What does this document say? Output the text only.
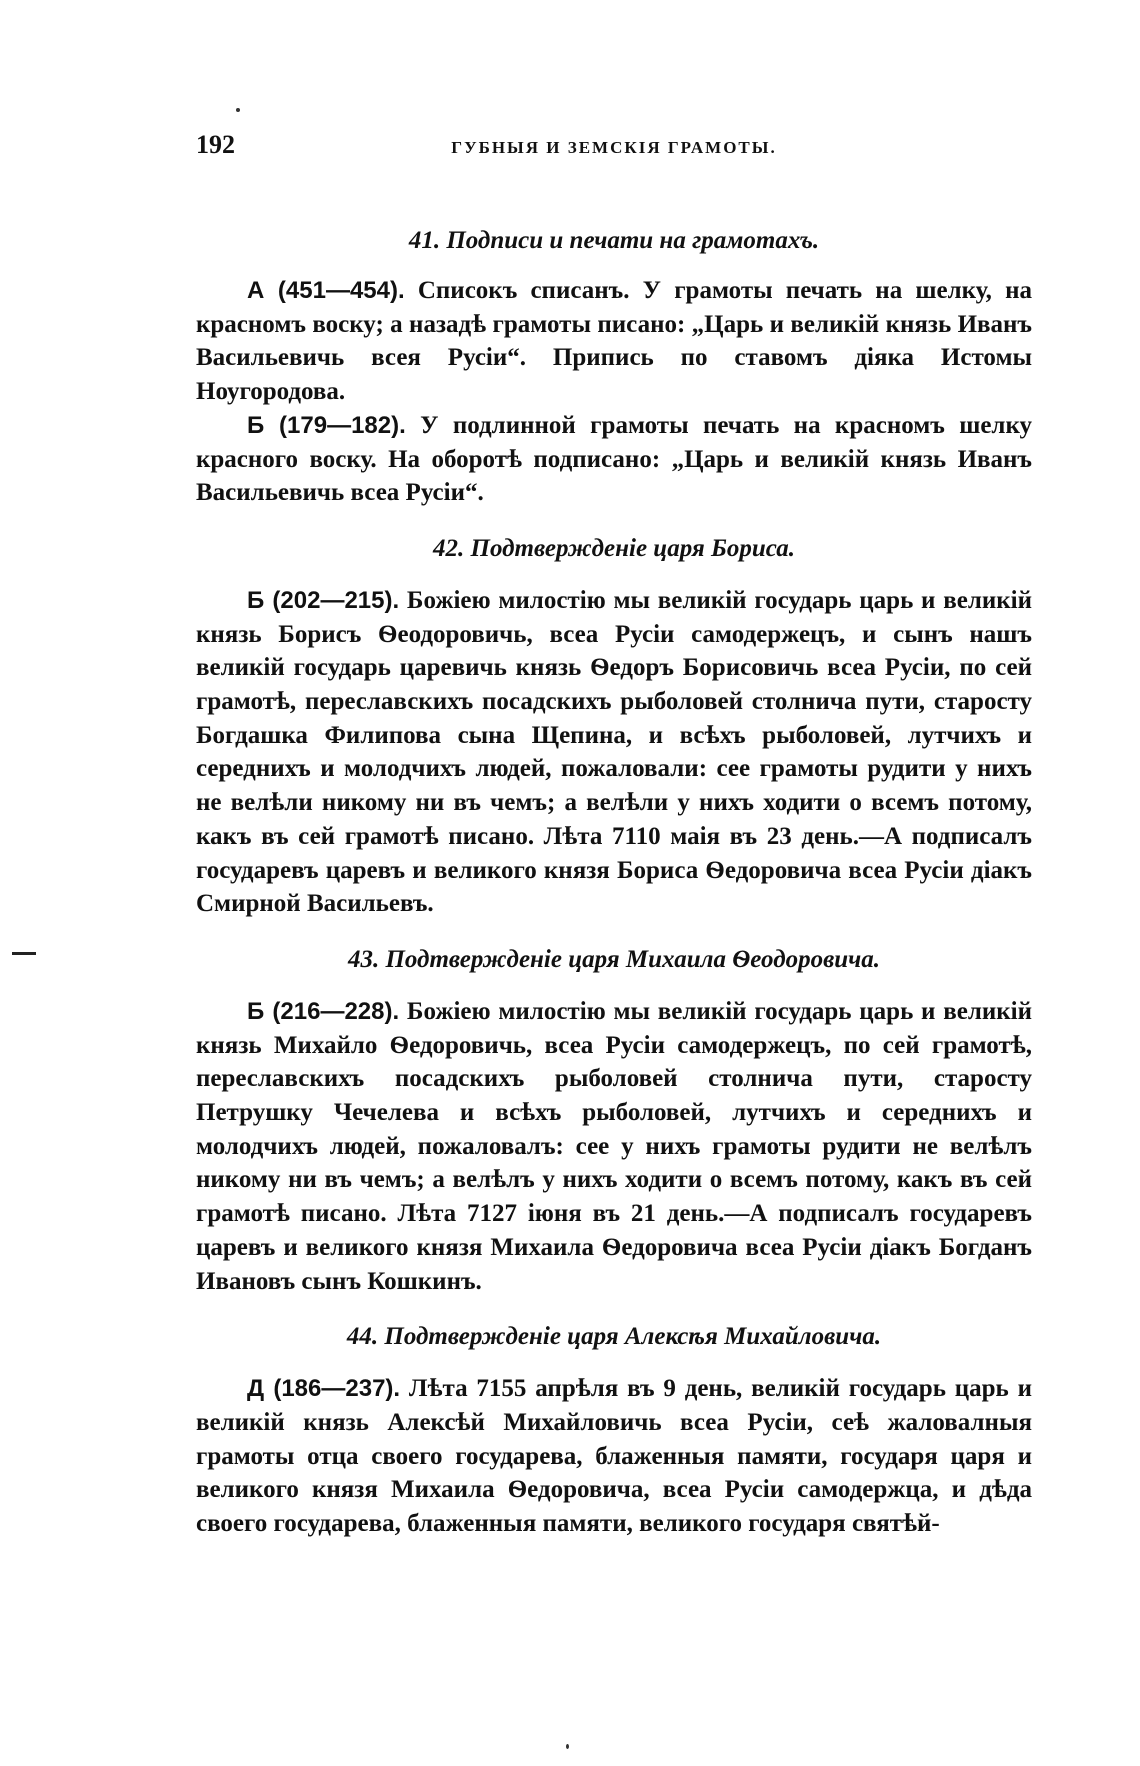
192	ГУБНЫЯ И ЗЕМСКІЯ ГРАМОТЫ.
41. Подписи и печати на грамотахъ.

А (451—454). Списокъ списанъ. У грамоты печать на шелку, на красномъ воску; а назадѣ грамоты писано: „Царь и великій князь Иванъ Васильевичь всея Русіи“. Припись по ставомъ діяка Истомы Ноугородова.

Б (179—182). У подлинной грамоты печать на красномъ шелку красного воску. На оборотѣ подписано: „Царь и великій князь Иванъ Васильевичь всеа Русіи“.

42. Подтвержденіе царя Бориса.

Б (202—215). Божіею милостію мы великій государь царь и великій князь Борисъ Ѳеодоровичь, всеа Русіи самодержецъ, и сынъ нашъ великій государь царевичь князь Ѳедоръ Борисовичь всеа Русіи, по сей грамотѣ, переславскихъ посадскихъ рыболовей столнича пути, старосту Богдашка Филипова сына Щепина, и всѣхъ рыболовей, лутчихъ и середнихъ и молодчихъ людей, пожаловали: сее грамоты рудити у нихъ не велѣли никому ни въ чемъ; а велѣли у нихъ ходити о всемъ потому, какъ въ сей грамотѣ писано. Лѣта 7110 маія въ 23 день.—А подписалъ государевъ царевъ и великого князя Бориса Ѳедоровича всеа Русіи діакъ Смирной Васильевъ.

43. Подтвержденіе царя Михаила Ѳеодоровича.

Б (216—228). Божіею милостію мы великій государь царь и великій князь Михайло Ѳедоровичь, всеа Русіи самодержецъ, по сей грамотѣ, переславскихъ посадскихъ рыболовей столнича пути, старосту Петрушку Чечелева и всѣхъ рыболовей, лутчихъ и середнихъ и молодчихъ людей, пожаловалъ: сее у нихъ грамоты рудити не велѣлъ никому ни въ чемъ; а велѣлъ у нихъ ходити о всемъ потому, какъ въ сей грамотѣ писано. Лѣта 7127 іюня въ 21 день.—А подписалъ государевъ царевъ и великого князя Михаила Ѳедоровича всеа Русіи діакъ Богданъ Ивановъ сынъ Кошкинъ.

44. Подтвержденіе царя Алексѣя Михайловича.

Д (186—237). Лѣта 7155 апрѣля въ 9 день, великій государь царь и великій князь Алексѣй Михайловичь всеа Русіи, сеѣ жаловалныя грамоты отца своего государева, блаженныя памяти, государя царя и великого князя Михаила Ѳедоровича, всеа Русіи самодержца, и дѣда своего государева, блаженныя памяти, великого государя святѣй-
